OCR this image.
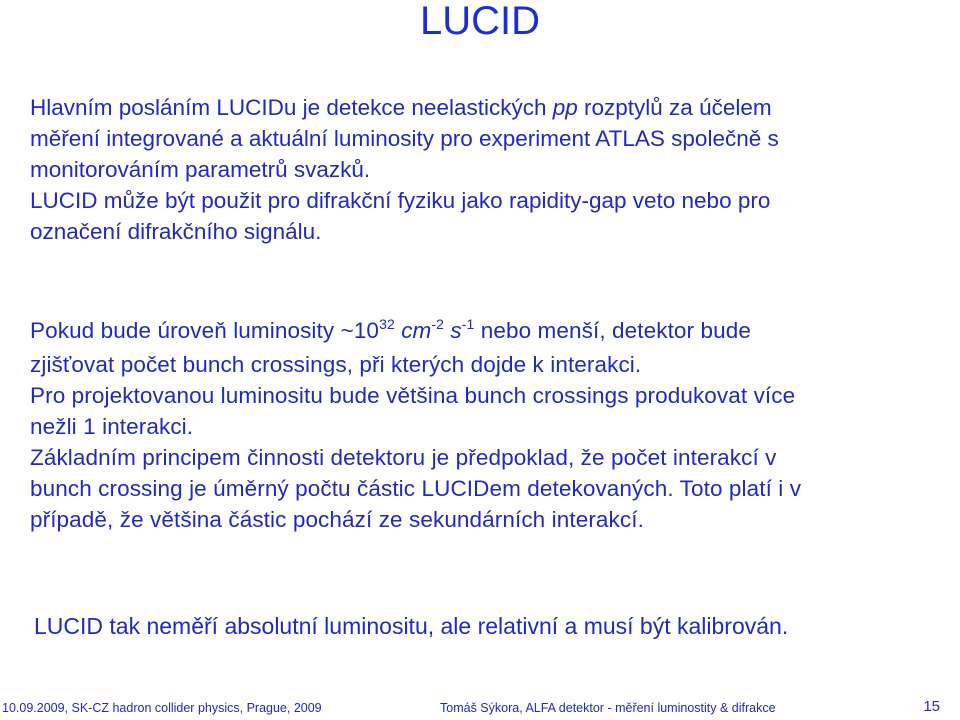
LUCID

Hlavním posláním LUCIDu je detekce neelastických pp rozptylů za účelem
měření integrované a aktuální luminosity pro experiment ATLAS společně s
monitorováním parametrů svazků.
LUCID může být použit pro difrakční fyziku jako rapidity-gap veto nebo pro
označení difrakčního signálu.

Pokud bude úroveň luminosity $\sim 10^{32}$ $cm^{-2}$ $s^{-1}$ nebo menší, detektor bude
zjišťovat počet bunch crossings, při kterých dojde k interakci.
Pro projektovanou luminositu bude většina bunch crossings produkovat více
nežli 1 interakci.
Základním principem činnosti detektoru je předpoklad, že počet interakcí v
bunch crossing je úměrný počtu částic LUCIDem detekovaných. Toto platí i v
případě, že většina částic pochází ze sekundárních interakcí.

LUCID tak neměří absolutní luminositu, ale relativní a musí být kalibrován.

10.09.2009, SK-CZ hadron collider physics, Prague, 2009	Tomáš Sýkora, ALFA detektor - měření luminostity & difrakce	15
